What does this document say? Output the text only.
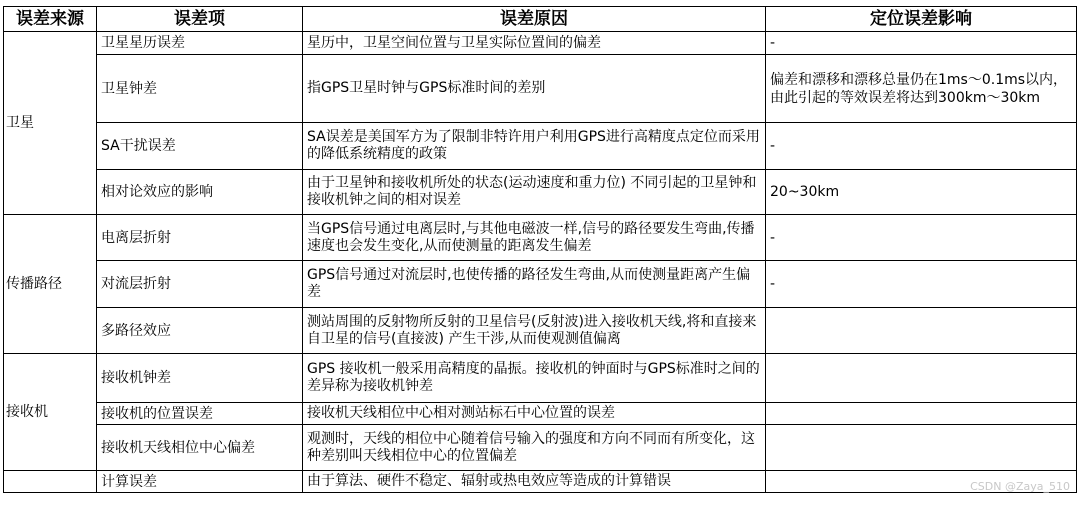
误差来源	误差项	误差原因	定位误差影响
卫星	卫星星历误差	星历中，卫星空间位置与卫星实际位置间的偏差	-
	卫星钟差	指GPS卫星时钟与GPS标准时间的差别	偏差和漂移和漂移总量仍在1ms～0.1ms以内，由此引起的等效误差将达到300km～30km
	SA干扰误差	SA误差是美国军方为了限制非特许用户利用GPS进行高精度点定位而采用的降低系统精度的政策	-
	相对论效应的影响	由于卫星钟和接收机所处的状态(运动速度和重力位) 不同引起的卫星钟和接收机钟之间的相对误差	20~30km
传播路径	电离层折射	当GPS信号通过电离层时,与其他电磁波一样,信号的路径要发生弯曲,传播速度也会发生变化,从而使测量的距离发生偏差	-
	对流层折射	GPS信号通过对流层时,也使传播的路径发生弯曲,从而使测量距离产生偏差	-
	多路径效应	测站周围的反射物所反射的卫星信号(反射波)进入接收机天线,将和直接来自卫星的信号(直接波) 产生干涉,从而使观测值偏离	
接收机	接收机钟差	GPS 接收机一般采用高精度的晶振。接收机的钟面时与GPS标准时之间的差异称为接收机钟差	
	接收机的位置误差	接收机天线相位中心相对测站标石中心位置的误差	
	接收机天线相位中心偏差	观测时，天线的相位中心随着信号输入的强度和方向不同而有所变化，这种差别叫天线相位中心的位置偏差	
	计算误差	由于算法、硬件不稳定、辐射或热电效应等造成的计算错误		CSDN @Zaya_510
